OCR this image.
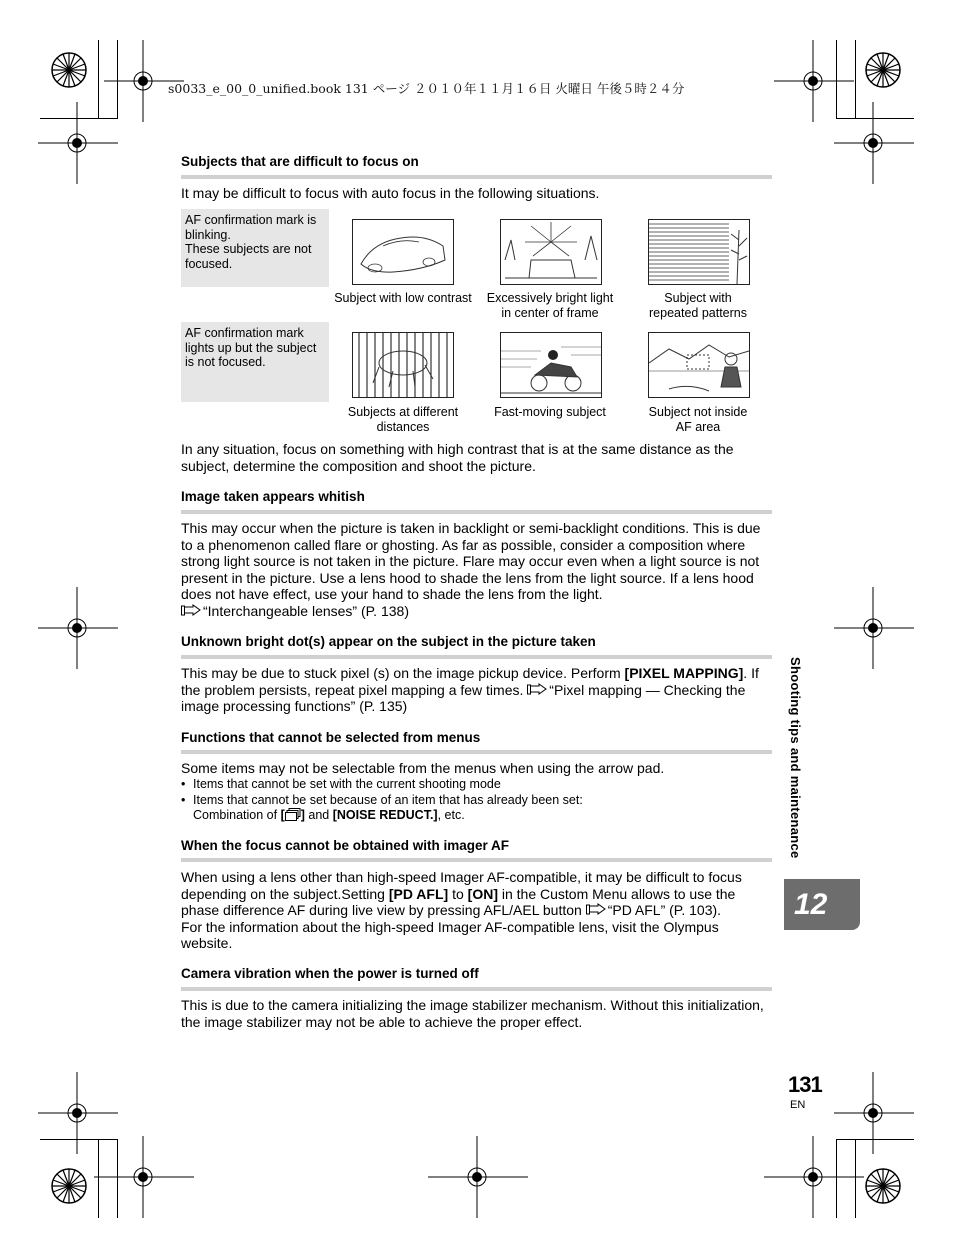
s0033_e_00_0_unified.book 131 ページ ２０１０年１１月１６日 火曜日 午後５時２４分
Subjects that are difficult to focus on
It may be difficult to focus with auto focus in the following situations.
AF confirmation mark is blinking.
These subjects are not focused.
AF confirmation mark lights up but the subject is not focused.
Subject with low contrast	Excessively bright light
in center of frame
Subject with
repeated patterns
Subjects at different
distances
Fast-moving subject	Subject not inside
AF area
In any situation, focus on something with high contrast that is at the same distance as the subject, determine the composition and shoot the picture.
Image taken appears whitish
This may occur when the picture is taken in backlight or semi-backlight conditions. This is due to a phenomenon called flare or ghosting. As far as possible, consider a composition where strong light source is not taken in the picture. Flare may occur even when a light source is not present in the picture. Use a lens hood to shade the lens from the light source. If a lens hood does not have effect, use your hand to shade the lens from the light.
“Interchangeable lenses” (P. 138)
Unknown bright dot(s) appear on the subject in the picture taken
This may be due to stuck pixel (s) on the image pickup device. Perform [PIXEL MAPPING]. If the problem persists, repeat pixel mapping a few times. “Pixel mapping — Checking the image processing functions” (P. 135)
Functions that cannot be selected from menus
Some items may not be selectable from the menus when using the arrow pad.
• Items that cannot be set with the current shooting mode
• Items that cannot be set because of an item that has already been set:
Combination of [ ] and [NOISE REDUCT.], etc.
When the focus cannot be obtained with imager AF
When using a lens other than high-speed Imager AF-compatible, it may be difficult to focus depending on the subject.Setting [PD AFL] to [ON] in the Custom Menu allows to use the phase difference AF during live view by pressing AFL/AEL button “PD AFL” (P. 103).
For the information about the high-speed Imager AF-compatible lens, visit the Olympus website.
Camera vibration when the power is turned off
This is due to the camera initializing the image stabilizer mechanism. Without this initialization, the image stabilizer may not be able to achieve the proper effect.
Shooting tips and maintenance
12
131
EN
